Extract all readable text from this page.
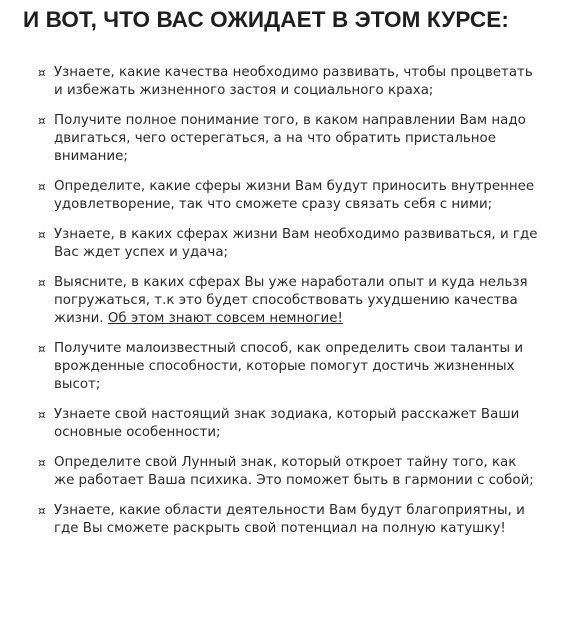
И ВОТ, ЧТО ВАС ОЖИДАЕТ В ЭТОМ КУРСЕ:
¤ Узнаете, какие качества необходимо развивать, чтобы процветать и избежать жизненного застоя и социального краха;
¤ Получите полное понимание того, в каком направлении Вам надо двигаться, чего остерегаться, а на что обратить пристальное внимание;
¤ Определите, какие сферы жизни Вам будут приносить внутреннее удовлетворение, так что сможете сразу связать себя с ними;
¤ Узнаете, в каких сферах жизни Вам необходимо развиваться, и где Вас ждет успех и удача;
¤ Выясните, в каких сферах Вы уже наработали опыт и куда нельзя погружаться, т.к это будет способствовать ухудшению качества жизни. Об этом знают совсем немногие!
¤ Получите малоизвестный способ, как определить свои таланты и врожденные способности, которые помогут достичь жизненных высот;
¤ Узнаете свой настоящий знак зодиака, который расскажет Ваши основные особенности;
¤ Определите свой Лунный знак, который откроет тайну того, как же работает Ваша психика. Это поможет быть в гармонии с собой;
¤ Узнаете, какие области деятельности Вам будут благоприятны, и где Вы сможете раскрыть свой потенциал на полную катушку!
